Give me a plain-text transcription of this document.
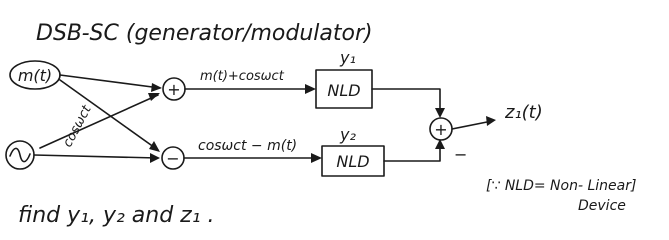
DSB-SC (generator/modulator)
m(t)
cosωct
+
−
m(t)+cosωct
cosωct − m(t)
NLD
y₁
NLD
y₂	+
−
z₁(t)
find y₁, y₂ and z₁ .
[∵ NLD= Non- Linear]
Device
